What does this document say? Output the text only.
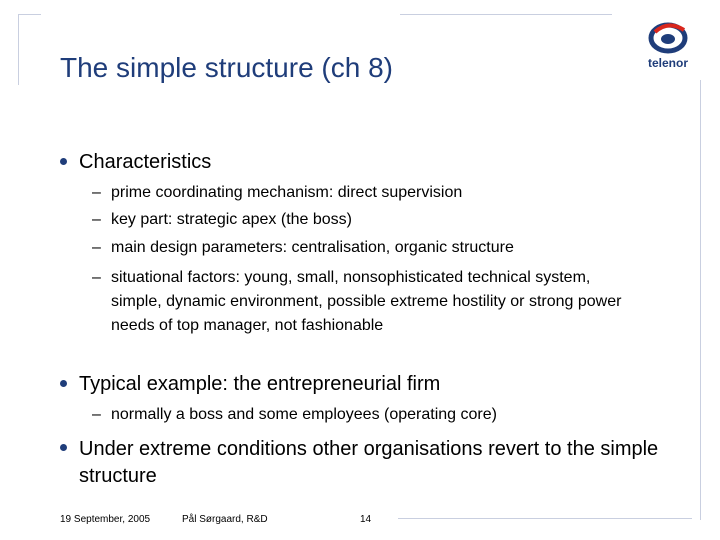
The simple structure (ch 8)	telenor
Characteristics
– prime coordinating mechanism: direct supervision
– key part: strategic apex (the boss)
– main design parameters: centralisation, organic structure
– situational factors: young, small, nonsophisticated technical system, simple, dynamic environment, possible extreme hostility or strong power needs of top manager, not fashionable
Typical example: the entrepreneurial firm
– normally a boss and some employees (operating core)
Under extreme conditions other organisations revert to the simple structure
19 September, 2005	Pål Sørgaard, R&D	14
